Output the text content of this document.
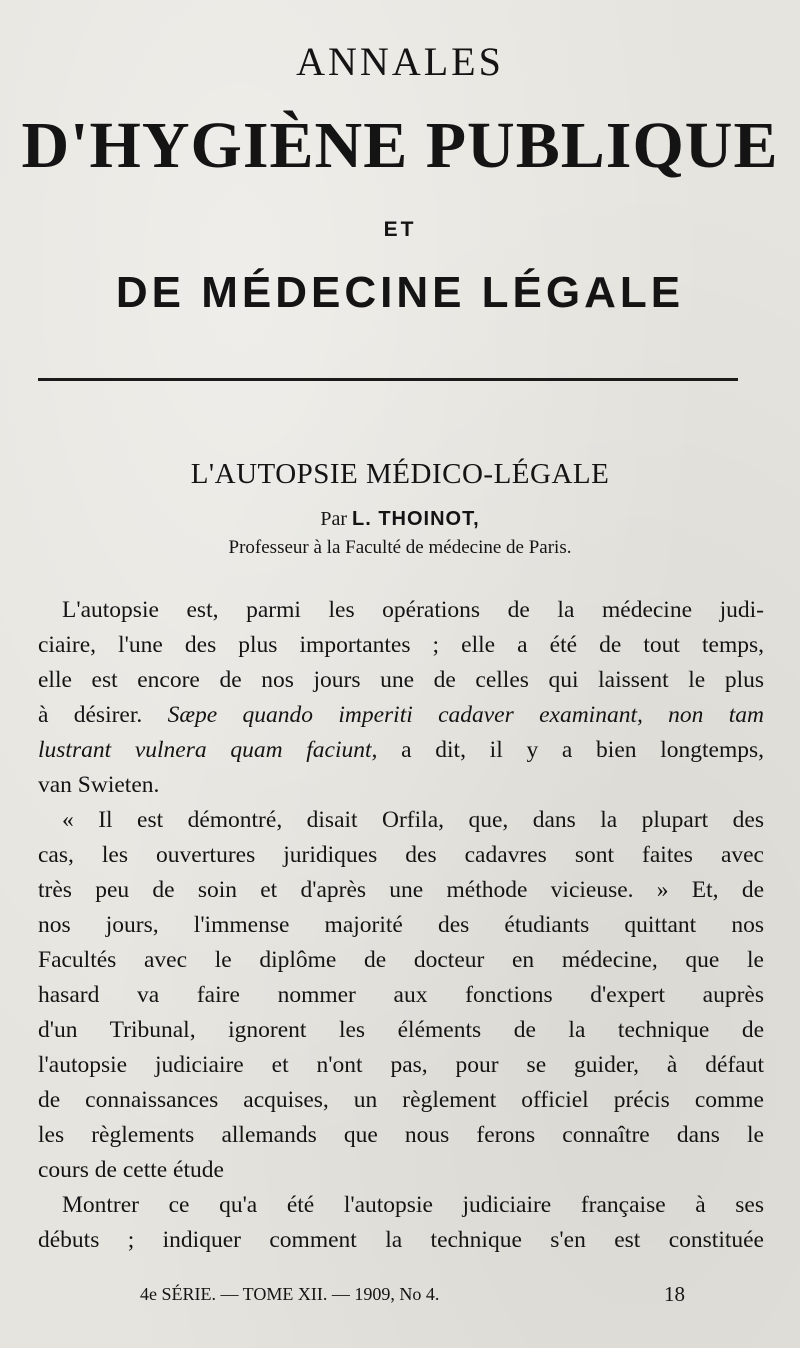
ANNALES
D'HYGIÈNE PUBLIQUE
ET
DE MÉDECINE LÉGALE
L'AUTOPSIE MÉDICO-LÉGALE
Par L. THOINOT,
Professeur à la Faculté de médecine de Paris.
L'autopsie est, parmi les opérations de la médecine judi-
ciaire, l'une des plus importantes ; elle a été de tout temps,
elle est encore de nos jours une de celles qui laissent le plus
à désirer. Sæpe quando imperiti cadaver examinant, non tam
lustrant vulnera quam faciunt, a dit, il y a bien longtemps,
van Swieten.
« Il est démontré, disait Orfila, que, dans la plupart des
cas, les ouvertures juridiques des cadavres sont faites avec
très peu de soin et d'après une méthode vicieuse. » Et, de
nos jours, l'immense majorité des étudiants quittant nos
Facultés avec le diplôme de docteur en médecine, que le
hasard va faire nommer aux fonctions d'expert auprès
d'un Tribunal, ignorent les éléments de la technique de
l'autopsie judiciaire et n'ont pas, pour se guider, à défaut
de connaissances acquises, un règlement officiel précis comme
les règlements allemands que nous ferons connaître dans le
cours de cette étude
Montrer ce qu'a été l'autopsie judiciaire française à ses
débuts ; indiquer comment la technique s'en est constituée
4e SÉRIE. — TOME XII. — 1909, No 4.	18
